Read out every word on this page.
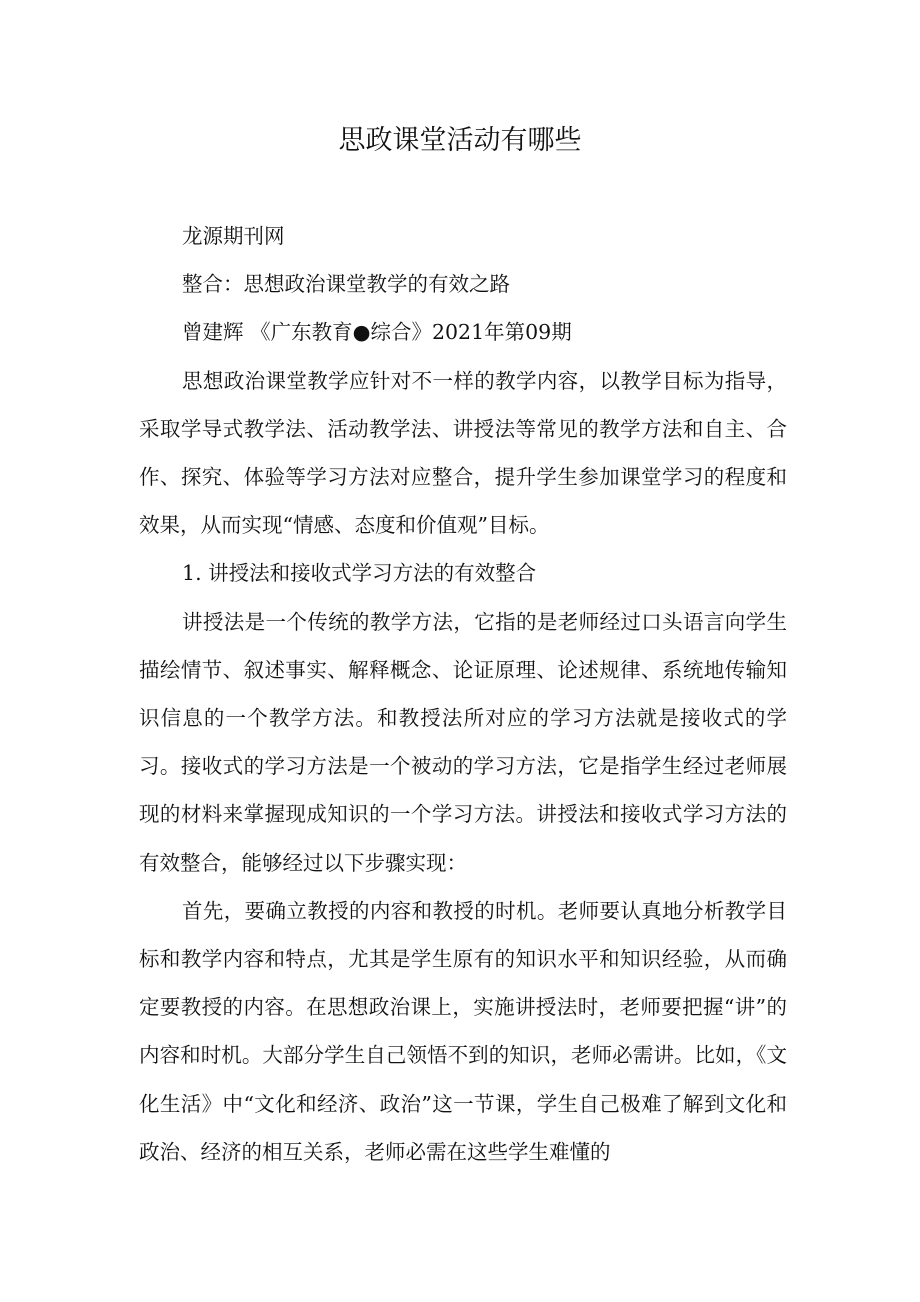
思政课堂活动有哪些

龙源期刊网

整合：思想政治课堂教学的有效之路

曾建辉 《广东教育●综合》2021年第09期

思想政治课堂教学应针对不一样的教学内容，以教学目标为指导，采取学导式教学法、活动教学法、讲授法等常见的教学方法和自主、合作、探究、体验等学习方法对应整合，提升学生参加课堂学习的程度和效果，从而实现“情感、态度和价值观”目标。

1. 讲授法和接收式学习方法的有效整合

讲授法是一个传统的教学方法，它指的是老师经过口头语言向学生描绘情节、叙述事实、解释概念、论证原理、论述规律、系统地传输知识信息的一个教学方法。和教授法所对应的学习方法就是接收式的学习。接收式的学习方法是一个被动的学习方法，它是指学生经过老师展现的材料来掌握现成知识的一个学习方法。讲授法和接收式学习方法的有效整合，能够经过以下步骤实现：

首先，要确立教授的内容和教授的时机。老师要认真地分析教学目标和教学内容和特点，尤其是学生原有的知识水平和知识经验，从而确定要教授的内容。在思想政治课上，实施讲授法时，老师要把握“讲”的内容和时机。大部分学生自己领悟不到的知识，老师必需讲。比如，《文化生活》中“文化和经济、政治”这一节课，学生自己极难了解到文化和政治、经济的相互关系，老师必需在这些学生难懂的
